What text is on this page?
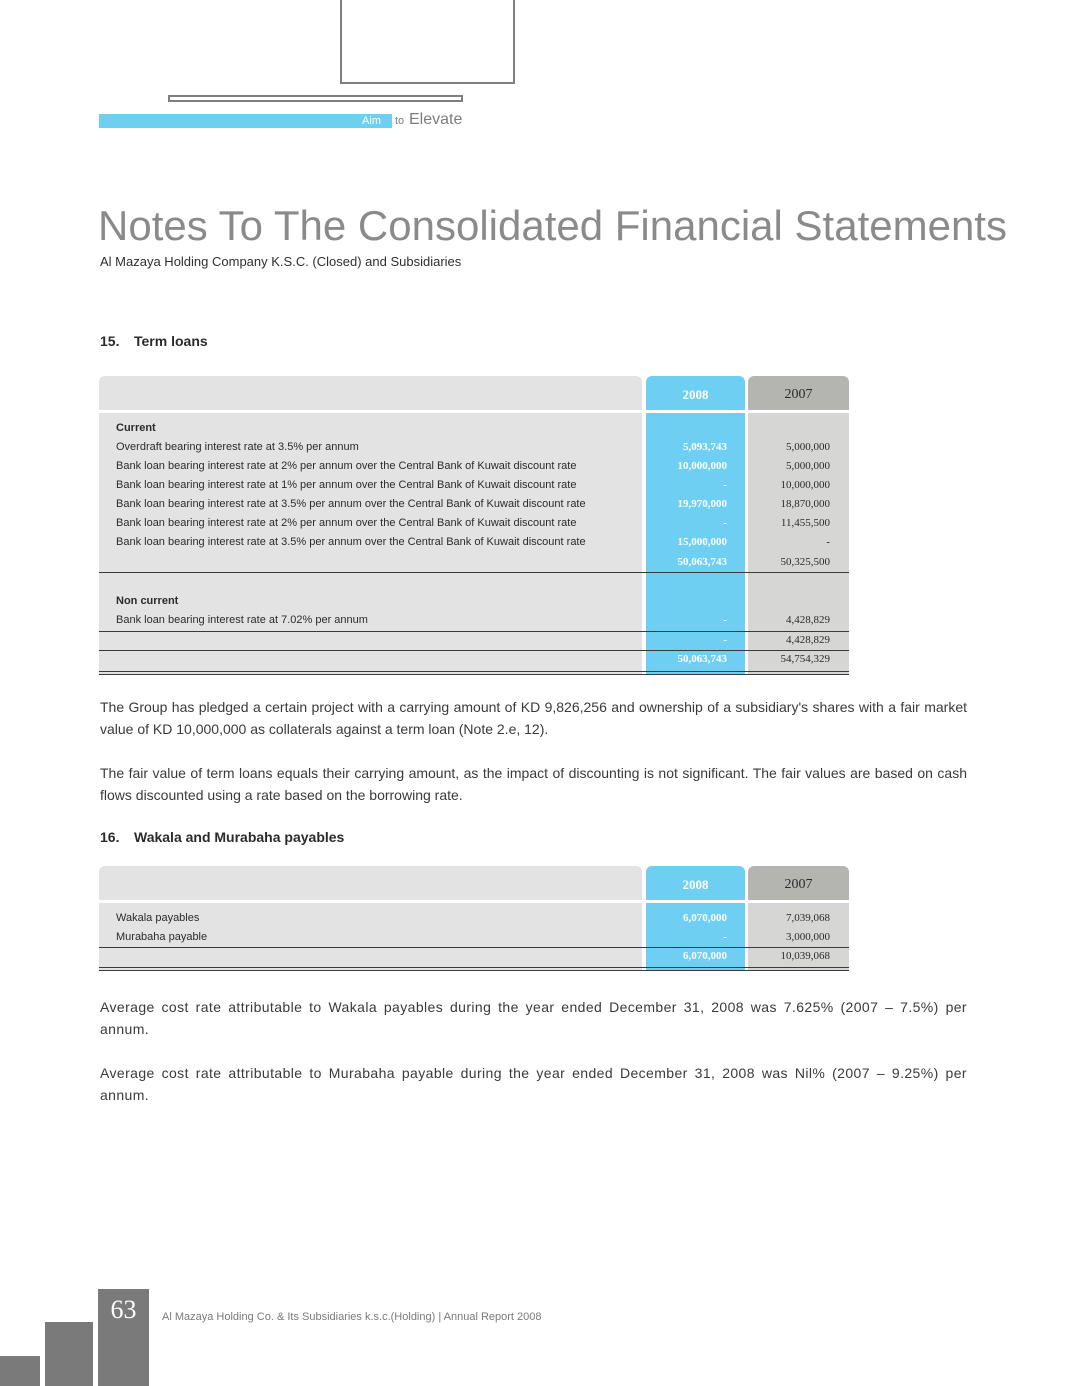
Aim to Elevate
Notes To The Consolidated Financial Statements
Al Mazaya Holding Company K.S.C. (Closed) and Subsidiaries
15. Term loans
2008	2007
Current
Overdraft bearing interest rate at 3.5% per annum	5,093,743	5,000,000
Bank loan bearing interest rate at 2% per annum over the Central Bank of Kuwait discount rate	10,000,000	5,000,000
Bank loan bearing interest rate at 1% per annum over the Central Bank of Kuwait discount rate	-	10,000,000
Bank loan bearing interest rate at 3.5% per annum over the Central Bank of Kuwait discount rate	19,970,000	18,870,000
Bank loan bearing interest rate at 2% per annum over the Central Bank of Kuwait discount rate	-	11,455,500
Bank loan bearing interest rate at 3.5% per annum over the Central Bank of Kuwait discount rate	15,000,000	-
50,063,743	50,325,500
Non current
Bank loan bearing interest rate at 7.02% per annum	-	4,428,829
-	4,428,829
50,063,743	54,754,329

The Group has pledged a certain project with a carrying amount of KD 9,826,256 and ownership of a subsidiary's shares with a fair market value of KD 10,000,000 as collaterals against a term loan (Note 2.e, 12).

The fair value of term loans equals their carrying amount, as the impact of discounting is not significant. The fair values are based on cash flows discounted using a rate based on the borrowing rate.

16. Wakala and Murabaha payables
2008	2007
Wakala payables	6,070,000	7,039,068
Murabaha payable	-	3,000,000
6,070,000	10,039,068

Average cost rate attributable to Wakala payables during the year ended December 31, 2008 was 7.625% (2007 – 7.5%) per annum.

Average cost rate attributable to Murabaha payable during the year ended December 31, 2008 was Nil% (2007 – 9.25%) per annum.

63	Al Mazaya Holding Co. & Its Subsidiaries k.s.c.(Holding) | Annual Report 2008
